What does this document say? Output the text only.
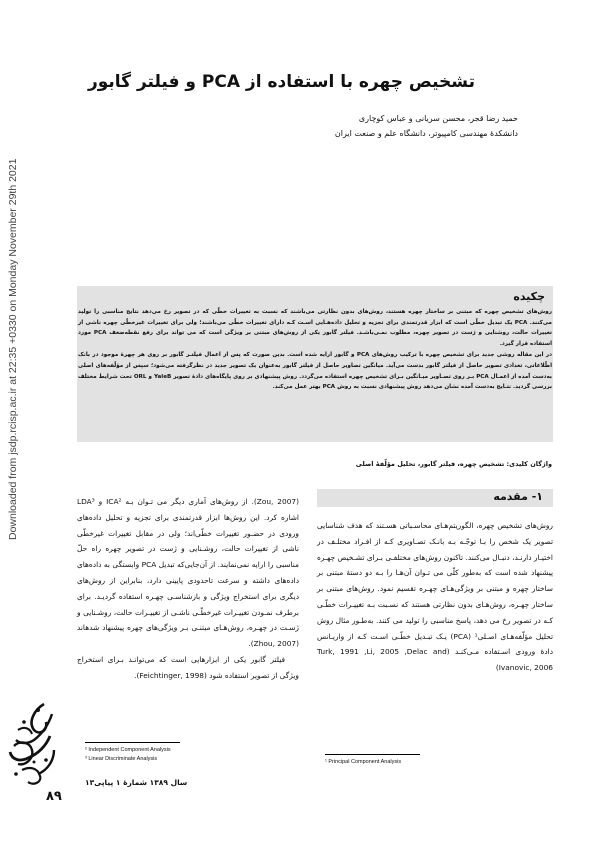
Downloaded from jsdp.rcisp.ac.ir at 22:35 +0330 on Monday November 29th 2021
تشخیص چهره با استفاده از PCA و فیلتر گابور
حمید رضا قجر، محسن سریانی و عباس کوچاری
دانشکدهٔ مهندسی کامپیوتر، دانشگاه علم و صنعت ایران
چکیده

روش‌های تشخیص چهره که مبتنی بر ساختار چهره هستند، روش‌های بدون نظارتی می‌باشند که نسبت به تغییرات خطّی که در تصویر رخ می‌دهد نتایج مناسبی را تولید می‌کنند. PCA یک تبدیل خطّی است که ابزار قدرتمندی برای تجزیه و تحلیل داده‌هـایی اسـت کـه دارای تغییرات خطّی می‌باشند؛ ولی برای تغییرات غیرخطّی چهره ناشی از تغییرات حالت، روشنایی و ژست در تصویر چهره، مطلوب نمـی‌باشـد. فیلتر گابور یکی از روش‌های مبتنی بر ویژگی است که می تواند برای رفع نقطه‌ضعف PCA مورد استفاده قرار گیرد.

در این مقاله روشی جدید برای تشخیص چهره با ترکیب روش‌های PCA و گابور ارایه شده است. بدین صورت که پس از اعمال فیلتـر گابور بر روی هر چهرهٔ موجود در بانک اطّلاعاتی، تعدادی تصویر حاصل از فیلتر گابور بدست می‌آید. میانگین تصاویر حاصل از فیلتر گابور به‌عنوان یک تصویر جدید در نظرگرفته می‌شود؛ سپس از مؤلّفه‌های اصلی به‌دست آمده از اعمـال PCA بـر روی تصـاویر میـانگین بـرای تشخیص چهره استفاده می‌گردد. روش پیشنهادی بر روی پایگاه‌های دادهٔ تصویر YaleB و ORL تحت شرایط مختلف بررسی گردید. نتـایج به‌دست آمده نشان می‌دهد روش پیشنهادی نسبت به روش PCA بهتر عمل می‌کند.

واژگان کلیدی: تشخیص چهره، فیلتر گابور، تحلیل مؤلّفهٔ اصلی
۱- مقدمه

روش‌های تشخیص چهره، الگوریتم‌هـای محاسـباتی هسـتند که هدف شناسایی تصویر یک شخص را بـا توجّـه بـه بانـک تصـاویری کـه از افـراد مختلـف در اختیـار دارنـد، دنبـال می‌کنند. تاکنون روش‌های مختلفـی بـرای تشـخیص چهـره پیشنهاد شده است که به‌طور کلّی می تـوان آن‌هـا را بـه دو دستهٔ مبتنی بر ساختار چهره و مبتنی بر ویژگی‌هـای چهـره تقسیم نمود. روش‌های مبتنی بر ساختار چهـره، روش‌هـای بدون نظارتی هستند که نسـبت بـه تغییـرات خطّـی کـه در تصویر رخ می دهد، پاسخ مناسبی را تولید می کنند. به‌طـور مثال روش تحلیل مؤلّفه‌هـای اصـلی¹ (PCA) یـک تبـدیل خطّـی اسـت کـه از واریـانس دادهٔ ورودی اسـتفاده مـی‌کنـد (Turk, 1991 ,Li, 2005 ,Delac and Ivanovic, 2006)

(Zou, 2007). از روش‌های آماری دیگر می تـوان بـه ICA² و LDA³ اشاره کرد. این روش‌ها ابزار قدرتمندی برای تجزیه و تحلیل داده‌های ورودی در حضـور تغییرات خطّی‌اند؛ ولی در مقابل تغییرات غیرخطّی ناشی از تغییرات حالت، روشـنایی و ژست در تصویر چهره راه حلّ مناسبی را ارایه نمی‌نمایند. از آن‌جایی‌که تبدیل PCA وابستگی به داده‌های داده‌های داشته و سرعت تاحدودی پایینی دارد، بنابراین از روش‌های دیگری برای استخراج ویژگی و بازشناسـی چهـره استفاده گردیـد. برای برطرف نمـودن تغییـرات غیرخطّـی ناشـی از تغییـرات حالت، روشـنایی و ژسـت در چهـره، روش‌هـای مبتنـی بـر ویژگی‌های چهره پیشنهاد شدهاند (Zhou, 2007).

فیلتر گابور یکی از ابزارهایی است که می‌توانـد بـرای استخراج ویژگی از تصویر استفاده شود (Feichtinger, 1998).

² Independent Component Analysis
³ Linear Discriminate Analysis
¹ Principal Component Analysis
سال ۱۳۸۹ شمارهٔ ۱ پیاپی۱۳
۸۹
